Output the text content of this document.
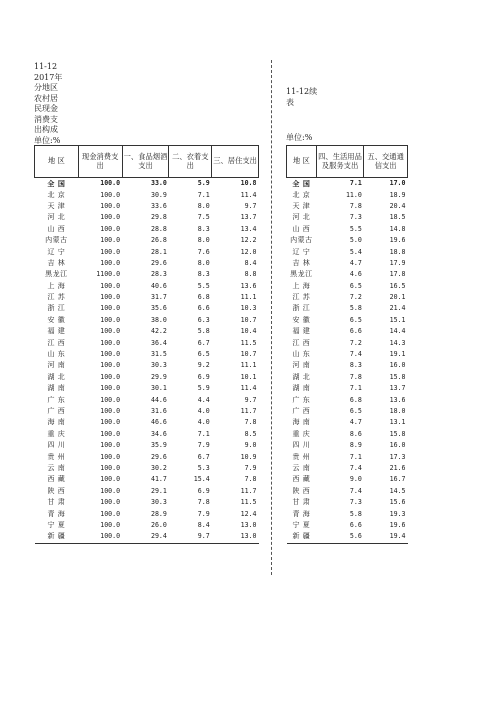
11-12
2017年
分地区
农村居
民现金
消费支
出构成
单位:%
11-12续
表
单位:%
地 区	现金消费支出	一、食品烟酒支出	二、衣着支出	三、居住支出
全 国	100.0	33.0	5.9	10.8
北 京	100.0	30.9	7.1	11.4
天 津	100.0	33.6	8.0	9.7
河 北	100.0	29.8	7.5	13.7
山 西	100.0	28.8	8.3	13.4
内蒙古	100.0	26.8	8.0	12.2
辽 宁	100.0	28.1	7.6	12.0
吉 林	100.0	29.6	8.0	8.4
黑龙江	1100.0	28.3	8.3	8.8
上 海	100.0	40.6	5.5	13.6
江 苏	100.0	31.7	6.8	11.1
浙 江	100.0	35.6	6.6	10.3
安 徽	100.0	38.0	6.3	10.7
福 建	100.0	42.2	5.8	10.4
江 西	100.0	36.4	6.7	11.5
山 东	100.0	31.5	6.5	10.7
河 南	100.0	30.3	9.2	11.1
湖 北	100.0	29.9	6.9	10.1
湖 南	100.0	30.1	5.9	11.4
广 东	100.0	44.6	4.4	9.7
广 西	100.0	31.6	4.0	11.7
海 南	100.0	46.6	4.0	7.8
重 庆	100.0	34.6	7.1	8.5
四 川	100.0	35.9	7.9	9.0
贵 州	100.0	29.6	6.7	10.9
云 南	100.0	30.2	5.3	7.9
西 藏	100.0	41.7	15.4	7.8
陕 西	100.0	29.1	6.9	11.7
甘 肃	100.0	30.3	7.8	11.5
青 海	100.0	28.9	7.9	12.4
宁 夏	100.0	26.0	8.4	13.0
新 疆	100.0	29.4	9.7	13.0
地 区	四、生活用品及服务支出	五、交通通信支出
全 国	7.1	17.0
北 京	11.0	18.9
天 津	7.8	20.4
河 北	7.3	18.5
山 西	5.5	14.8
内蒙古	5.0	19.6
辽 宁	5.4	18.8
吉 林	4.7	17.9
黑龙江	4.6	17.8
上 海	6.5	16.5
江 苏	7.2	20.1
浙 江	5.8	21.4
安 徽	6.5	15.1
福 建	6.6	14.4
江 西	7.2	14.3
山 东	7.4	19.1
河 南	8.3	16.0
湖 北	7.8	15.8
湖 南	7.1	13.7
广 东	6.8	13.6
广 西	6.5	18.0
海 南	4.7	13.1
重 庆	8.6	15.8
四 川	8.9	16.0
贵 州	7.1	17.3
云 南	7.4	21.6
西 藏	9.0	16.7
陕 西	7.4	14.5
甘 肃	7.3	15.6
青 海	5.8	19.3
宁 夏	6.6	19.6
新 疆	5.6	19.4
